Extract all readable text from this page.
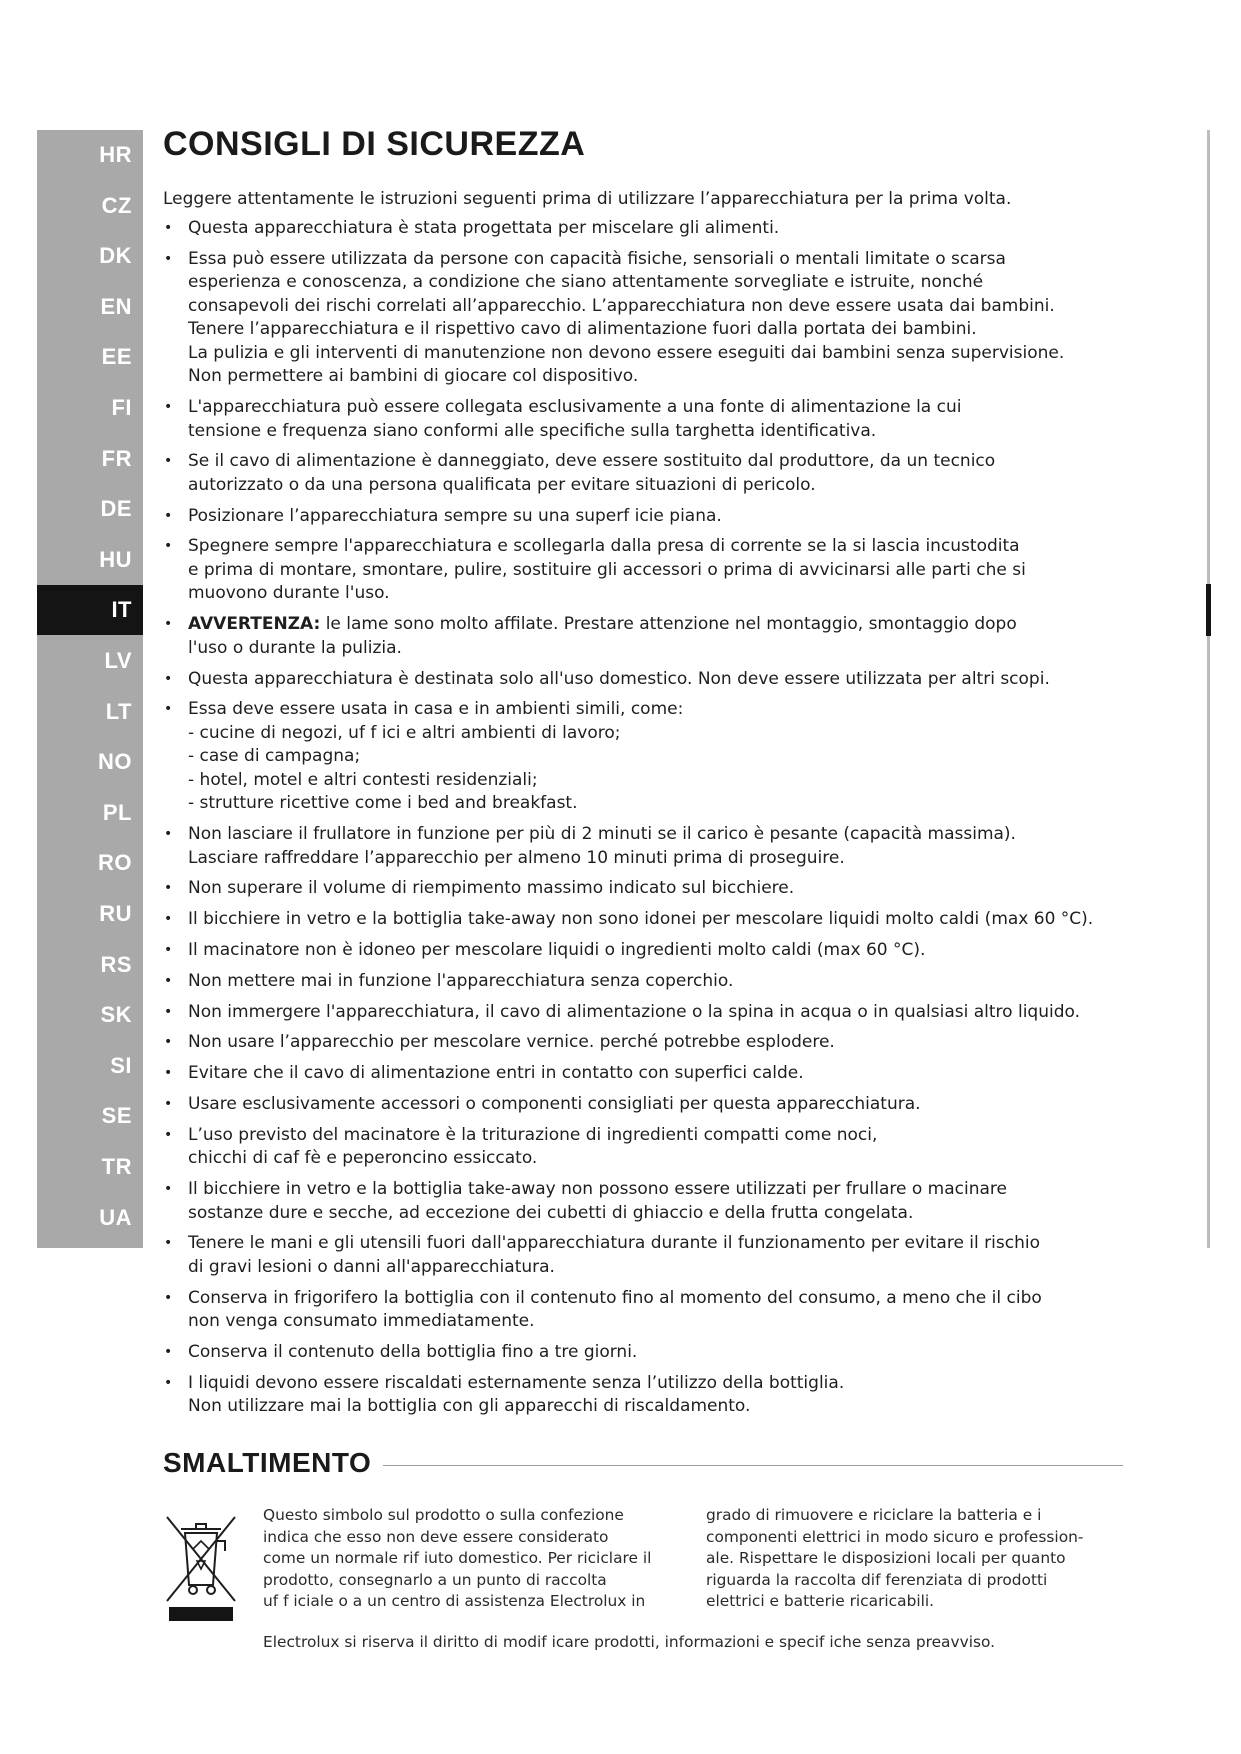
HR
CZ
DK
EN
EE
FI
FR
DE
HU
IT
LV
LT
NO
PL
RO
RU
RS
SK
SI
SE
TR
UA
CONSIGLI DI SICUREZZA
Leggere attentamente le istruzioni seguenti prima di utilizzare l’apparecchiatura per la prima volta.
• Questa apparecchiatura è stata progettata per miscelare gli alimenti.
• Essa può essere utilizzata da persone con capacità fisiche, sensoriali o mentali limitate o scarsa
esperienza e conoscenza, a condizione che siano attentamente sorvegliate e istruite, nonché
consapevoli dei rischi correlati all’apparecchio. L’apparecchiatura non deve essere usata dai bambini.
Tenere l’apparecchiatura e il rispettivo cavo di alimentazione fuori dalla portata dei bambini.
La pulizia e gli interventi di manutenzione non devono essere eseguiti dai bambini senza supervisione.
Non permettere ai bambini di giocare col dispositivo.
• L'apparecchiatura può essere collegata esclusivamente a una fonte di alimentazione la cui
tensione e frequenza siano conformi alle specifiche sulla targhetta identificativa.
• Se il cavo di alimentazione è danneggiato, deve essere sostituito dal produttore, da un tecnico
autorizzato o da una persona qualificata per evitare situazioni di pericolo.
• Posizionare l’apparecchiatura sempre su una superf icie piana.
• Spegnere sempre l'apparecchiatura e scollegarla dalla presa di corrente se la si lascia incustodita
e prima di montare, smontare, pulire, sostituire gli accessori o prima di avvicinarsi alle parti che si
muovono durante l'uso.
• AVVERTENZA: le lame sono molto affilate. Prestare attenzione nel montaggio, smontaggio dopo
l'uso o durante la pulizia.
• Questa apparecchiatura è destinata solo all'uso domestico. Non deve essere utilizzata per altri scopi.
• Essa deve essere usata in casa e in ambienti simili, come:
- cucine di negozi, uf f ici e altri ambienti di lavoro;
- case di campagna;
- hotel, motel e altri contesti residenziali;
- strutture ricettive come i bed and breakfast.
• Non lasciare il frullatore in funzione per più di 2 minuti se il carico è pesante (capacità massima).
Lasciare raffreddare l’apparecchio per almeno 10 minuti prima di proseguire.
• Non superare il volume di riempimento massimo indicato sul bicchiere.
• Il bicchiere in vetro e la bottiglia take-away non sono idonei per mescolare liquidi molto caldi (max 60 °C).
• Il macinatore non è idoneo per mescolare liquidi o ingredienti molto caldi (max 60 °C).
• Non mettere mai in funzione l'apparecchiatura senza coperchio.
• Non immergere l'apparecchiatura, il cavo di alimentazione o la spina in acqua o in qualsiasi altro liquido.
• Non usare l’apparecchio per mescolare vernice. perché potrebbe esplodere.
• Evitare che il cavo di alimentazione entri in contatto con superfici calde.
• Usare esclusivamente accessori o componenti consigliati per questa apparecchiatura.
• L’uso previsto del macinatore è la triturazione di ingredienti compatti come noci,
chicchi di caf fè e peperoncino essiccato.
• Il bicchiere in vetro e la bottiglia take-away non possono essere utilizzati per frullare o macinare
sostanze dure e secche, ad eccezione dei cubetti di ghiaccio e della frutta congelata.
• Tenere le mani e gli utensili fuori dall'apparecchiatura durante il funzionamento per evitare il rischio
di gravi lesioni o danni all'apparecchiatura.
• Conserva in frigorifero la bottiglia con il contenuto fino al momento del consumo, a meno che il cibo
non venga consumato immediatamente.
• Conserva il contenuto della bottiglia fino a tre giorni.
• I liquidi devono essere riscaldati esternamente senza l’utilizzo della bottiglia.
Non utilizzare mai la bottiglia con gli apparecchi di riscaldamento.
SMALTIMENTO
Questo simbolo sul prodotto o sulla confezione
indica che esso non deve essere considerato
come un normale rif iuto domestico. Per riciclare il
prodotto, consegnarlo a un punto di raccolta
uf f iciale o a un centro di assistenza Electrolux in
grado di rimuovere e riciclare la batteria e i
componenti elettrici in modo sicuro e profession-
ale. Rispettare le disposizioni locali per quanto
riguarda la raccolta dif ferenziata di prodotti
elettrici e batterie ricaricabili.
Electrolux si riserva il diritto di modif icare prodotti, informazioni e specif iche senza preavviso.
